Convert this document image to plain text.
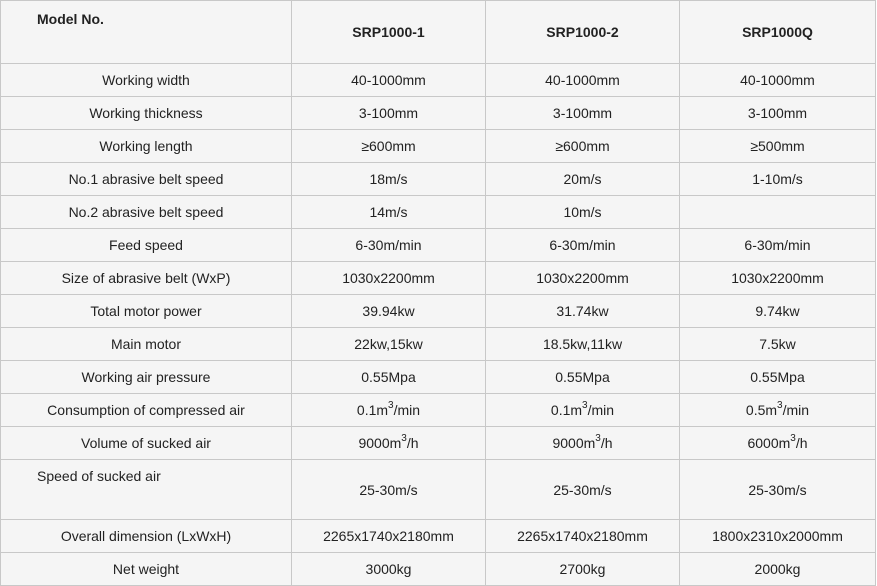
Model No.	SRP1000-1	SRP1000-2	SRP1000Q
Working width	40-1000mm	40-1000mm	40-1000mm
Working thickness	3-100mm	3-100mm	3-100mm
Working length	≥600mm	≥600mm	≥500mm
No.1 abrasive belt speed	18m/s	20m/s	1-10m/s
No.2 abrasive belt speed	14m/s	10m/s	
Feed speed	6-30m/min	6-30m/min	6-30m/min
Size of abrasive belt (WxP)	1030x2200mm	1030x2200mm	1030x2200mm
Total motor power	39.94kw	31.74kw	9.74kw
Main motor	22kw,15kw	18.5kw,11kw	7.5kw
Working air pressure	0.55Mpa	0.55Mpa	0.55Mpa
Consumption of compressed air	$0.1m^3/\min$	$0.1m^3/\min$	$0.5m^3/\min$
Volume of sucked air	$9000m^3/h$	$9000m^3/h$	$6000m^3/h$
Speed of sucked air	25-30m/s	25-30m/s	25-30m/s
Overall dimension (LxWxH)	2265x1740x2180mm	2265x1740x2180mm	1800x2310x2000mm
Net weight	3000kg	2700kg	2000kg
